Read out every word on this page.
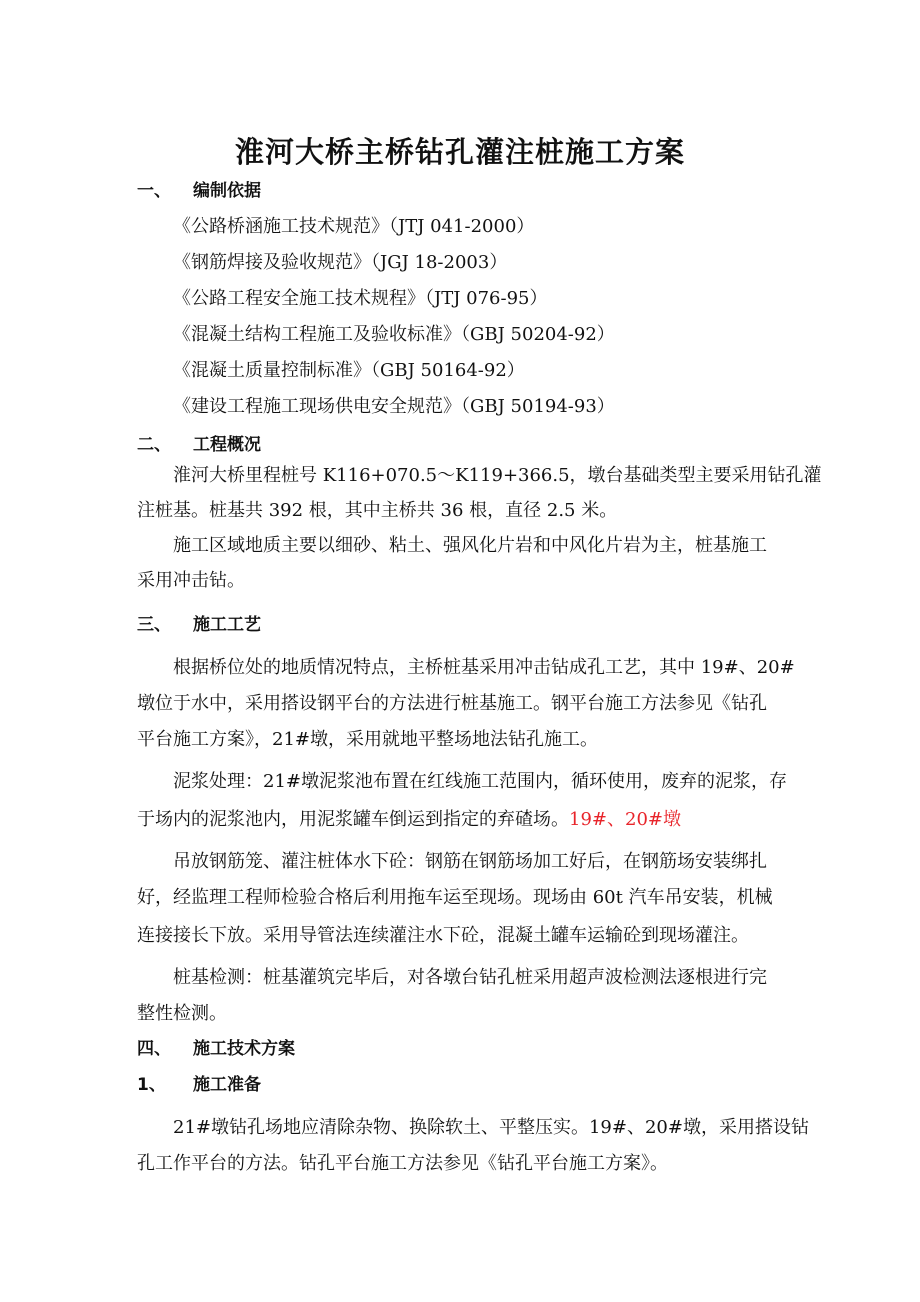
淮河大桥主桥钻孔灌注桩施工方案
一、 编制依据
《公路桥涵施工技术规范》（JTJ 041-2000）
《钢筋焊接及验收规范》（JGJ 18-2003）
《公路工程安全施工技术规程》（JTJ 076-95）
《混凝土结构工程施工及验收标准》（GBJ 50204-92）
《混凝土质量控制标准》（GBJ 50164-92）
《建设工程施工现场供电安全规范》（GBJ 50194-93）
二、 工程概况
淮河大桥里程桩号 K116+070.5～K119+366.5，墩台基础类型主要采用钻孔灌
注桩基。桩基共 392 根，其中主桥共 36 根，直径 2.5 米。
施工区域地质主要以细砂、粘土、强风化片岩和中风化片岩为主，桩基施工
采用冲击钻。
三、 施工工艺
根据桥位处的地质情况特点，主桥桩基采用冲击钻成孔工艺，其中 19#、20#
墩位于水中，采用搭设钢平台的方法进行桩基施工。钢平台施工方法参见《钻孔
平台施工方案》，21#墩，采用就地平整场地法钻孔施工。
泥浆处理：21#墩泥浆池布置在红线施工范围内，循环使用，废弃的泥浆，存
于场内的泥浆池内，用泥浆罐车倒运到指定的弃碴场。19#、20#墩
吊放钢筋笼、灌注桩体水下砼：钢筋在钢筋场加工好后，在钢筋场安装绑扎
好，经监理工程师检验合格后利用拖车运至现场。现场由 60t 汽车吊安装，机械
连接接长下放。采用导管法连续灌注水下砼，混凝土罐车运输砼到现场灌注。
桩基检测：桩基灌筑完毕后，对各墩台钻孔桩采用超声波检测法逐根进行完
整性检测。
四、 施工技术方案
1、 施工准备
21#墩钻孔场地应清除杂物、换除软土、平整压实。19#、20#墩，采用搭设钻
孔工作平台的方法。钻孔平台施工方法参见《钻孔平台施工方案》。
